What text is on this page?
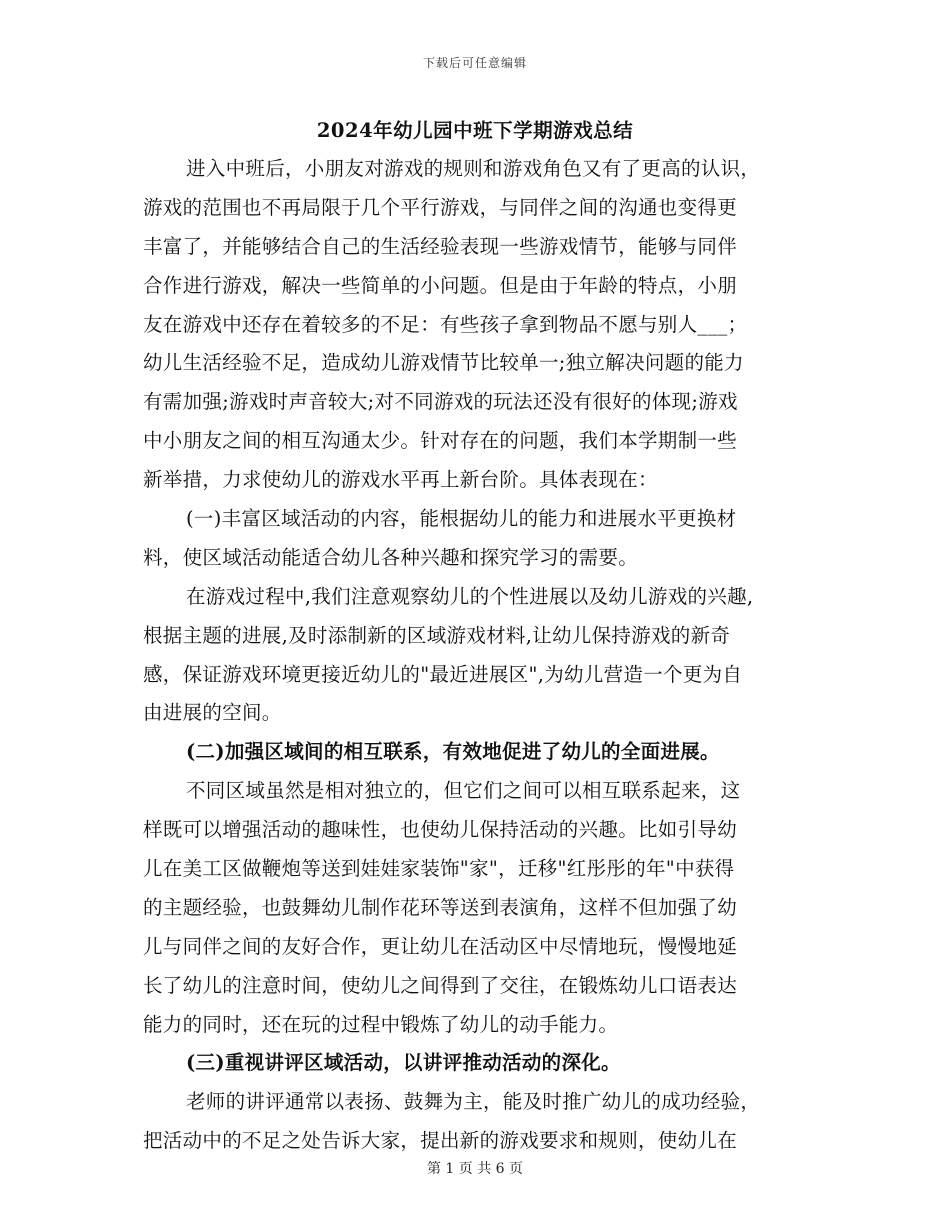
下载后可任意编辑
2024年幼儿园中班下学期游戏总结
进入中班后，小朋友对游戏的规则和游戏角色又有了更高的认识，
游戏的范围也不再局限于几个平行游戏，与同伴之间的沟通也变得更
丰富了，并能够结合自己的生活经验表现一些游戏情节，能够与同伴
合作进行游戏，解决一些简单的小问题。但是由于年龄的特点，小朋
友在游戏中还存在着较多的不足：有些孩子拿到物品不愿与别人___；
幼儿生活经验不足，造成幼儿游戏情节比较单一;独立解决问题的能力
有需加强;游戏时声音较大;对不同游戏的玩法还没有很好的体现;游戏
中小朋友之间的相互沟通太少。针对存在的问题，我们本学期制一些
新举措，力求使幼儿的游戏水平再上新台阶。具体表现在：
(一)丰富区域活动的内容，能根据幼儿的能力和进展水平更换材
料，使区域活动能适合幼儿各种兴趣和探究学习的需要。
在游戏过程中,我们注意观察幼儿的个性进展以及幼儿游戏的兴趣,
根据主题的进展,及时添制新的区域游戏材料,让幼儿保持游戏的新奇
感，保证游戏环境更接近幼儿的"最近进展区",为幼儿营造一个更为自
由进展的空间。
(二)加强区域间的相互联系，有效地促进了幼儿的全面进展。
不同区域虽然是相对独立的，但它们之间可以相互联系起来，这
样既可以增强活动的趣味性，也使幼儿保持活动的兴趣。比如引导幼
儿在美工区做鞭炮等送到娃娃家装饰"家"，迁移"红彤彤的年"中获得
的主题经验，也鼓舞幼儿制作花环等送到表演角，这样不但加强了幼
儿与同伴之间的友好合作，更让幼儿在活动区中尽情地玩，慢慢地延
长了幼儿的注意时间，使幼儿之间得到了交往，在锻炼幼儿口语表达
能力的同时，还在玩的过程中锻炼了幼儿的动手能力。
(三)重视讲评区域活动，以讲评推动活动的深化。
老师的讲评通常以表扬、鼓舞为主，能及时推广幼儿的成功经验，
把活动中的不足之处告诉大家，提出新的游戏要求和规则，使幼儿在
第 1 页 共 6 页
